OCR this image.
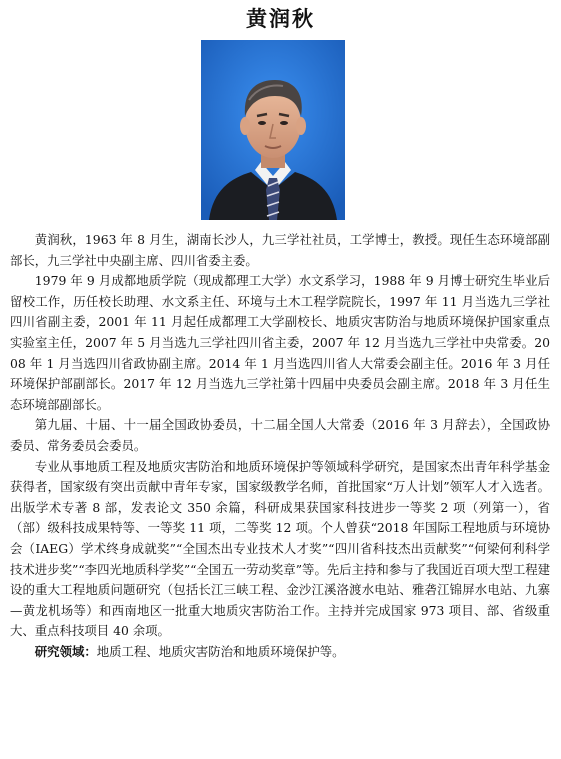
黄润秋

黄润秋，1963 年 8 月生，湖南长沙人，九三学社社员，工学博士，教授。现任生态环境部副部长，九三学社中央副主席、四川省委主委。

1979 年 9 月成都地质学院（现成都理工大学）水文系学习，1988 年 9 月博士研究生毕业后留校工作，历任校长助理、水文系主任、环境与土木工程学院院长，1997 年 11 月当选九三学社四川省副主委，2001 年 11 月起任成都理工大学副校长、地质灾害防治与地质环境保护国家重点实验室主任，2007 年 5 月当选九三学社四川省主委，2007 年 12 月当选九三学社中央常委。2008 年 1 月当选四川省政协副主席。2014 年 1 月当选四川省人大常委会副主任。2016 年 3 月任环境保护部副部长。2017 年 12 月当选九三学社第十四届中央委员会副主席。2018 年 3 月任生态环境部副部长。

第九届、十届、十一届全国政协委员，十二届全国人大常委（2016 年 3 月辞去），全国政协委员、常务委员会委员。

专业从事地质工程及地质灾害防治和地质环境保护等领域科学研究，是国家杰出青年科学基金获得者，国家级有突出贡献中青年专家，国家级教学名师，首批国家“万人计划”领军人才入选者。出版学术专著 8 部，发表论文 350 余篇，科研成果获国家科技进步一等奖 2 项（列第一），省（部）级科技成果特等、一等奖 11 项，二等奖 12 项。个人曾获“2018 年国际工程地质与环境协会（IAEG）学术终身成就奖”“全国杰出专业技术人才奖”“四川省科技杰出贡献奖”“何梁何利科学技术进步奖”“李四光地质科学奖”“全国五一劳动奖章”等。先后主持和参与了我国近百项大型工程建设的重大工程地质问题研究（包括长江三峡工程、金沙江溪洛渡水电站、雅砻江锦屏水电站、九寨—黄龙机场等）和西南地区一批重大地质灾害防治工作。主持并完成国家 973 项目、部、省级重大、重点科技项目 40 余项。

研究领域：地质工程、地质灾害防治和地质环境保护等。
